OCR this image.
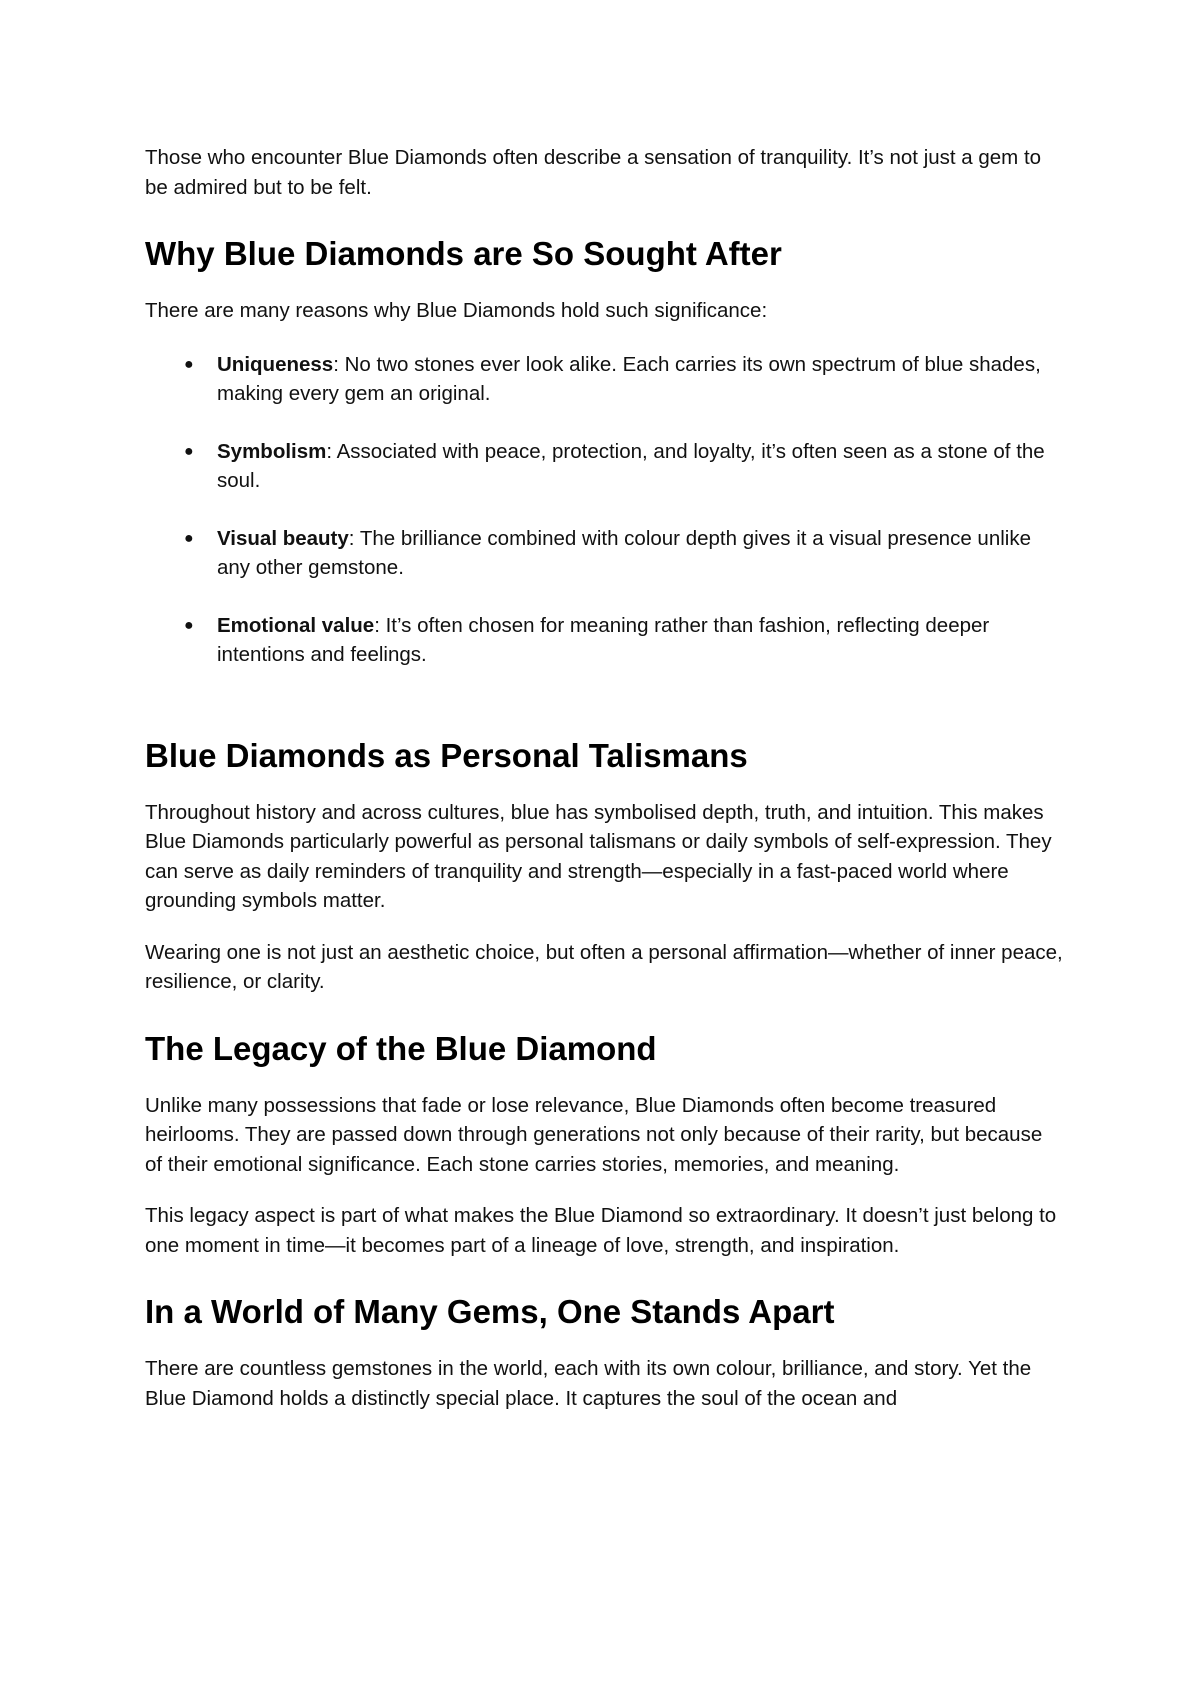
Those who encounter Blue Diamonds often describe a sensation of tranquility. It’s not just a gem to be admired but to be felt.

Why Blue Diamonds are So Sought After

There are many reasons why Blue Diamonds hold such significance:

● Uniqueness: No two stones ever look alike. Each carries its own spectrum of blue shades, making every gem an original.
● Symbolism: Associated with peace, protection, and loyalty, it’s often seen as a stone of the soul.
● Visual beauty: The brilliance combined with colour depth gives it a visual presence unlike any other gemstone.
● Emotional value: It’s often chosen for meaning rather than fashion, reflecting deeper intentions and feelings.
Blue Diamonds as Personal Talismans

Throughout history and across cultures, blue has symbolised depth, truth, and intuition. This makes Blue Diamonds particularly powerful as personal talismans or daily symbols of self-expression. They can serve as daily reminders of tranquility and strength—especially in a fast-paced world where grounding symbols matter.

Wearing one is not just an aesthetic choice, but often a personal affirmation—whether of inner peace, resilience, or clarity.

The Legacy of the Blue Diamond

Unlike many possessions that fade or lose relevance, Blue Diamonds often become treasured heirlooms. They are passed down through generations not only because of their rarity, but because of their emotional significance. Each stone carries stories, memories, and meaning.

This legacy aspect is part of what makes the Blue Diamond so extraordinary. It doesn’t just belong to one moment in time—it becomes part of a lineage of love, strength, and inspiration.

In a World of Many Gems, One Stands Apart

There are countless gemstones in the world, each with its own colour, brilliance, and story. Yet the Blue Diamond holds a distinctly special place. It captures the soul of the ocean and
